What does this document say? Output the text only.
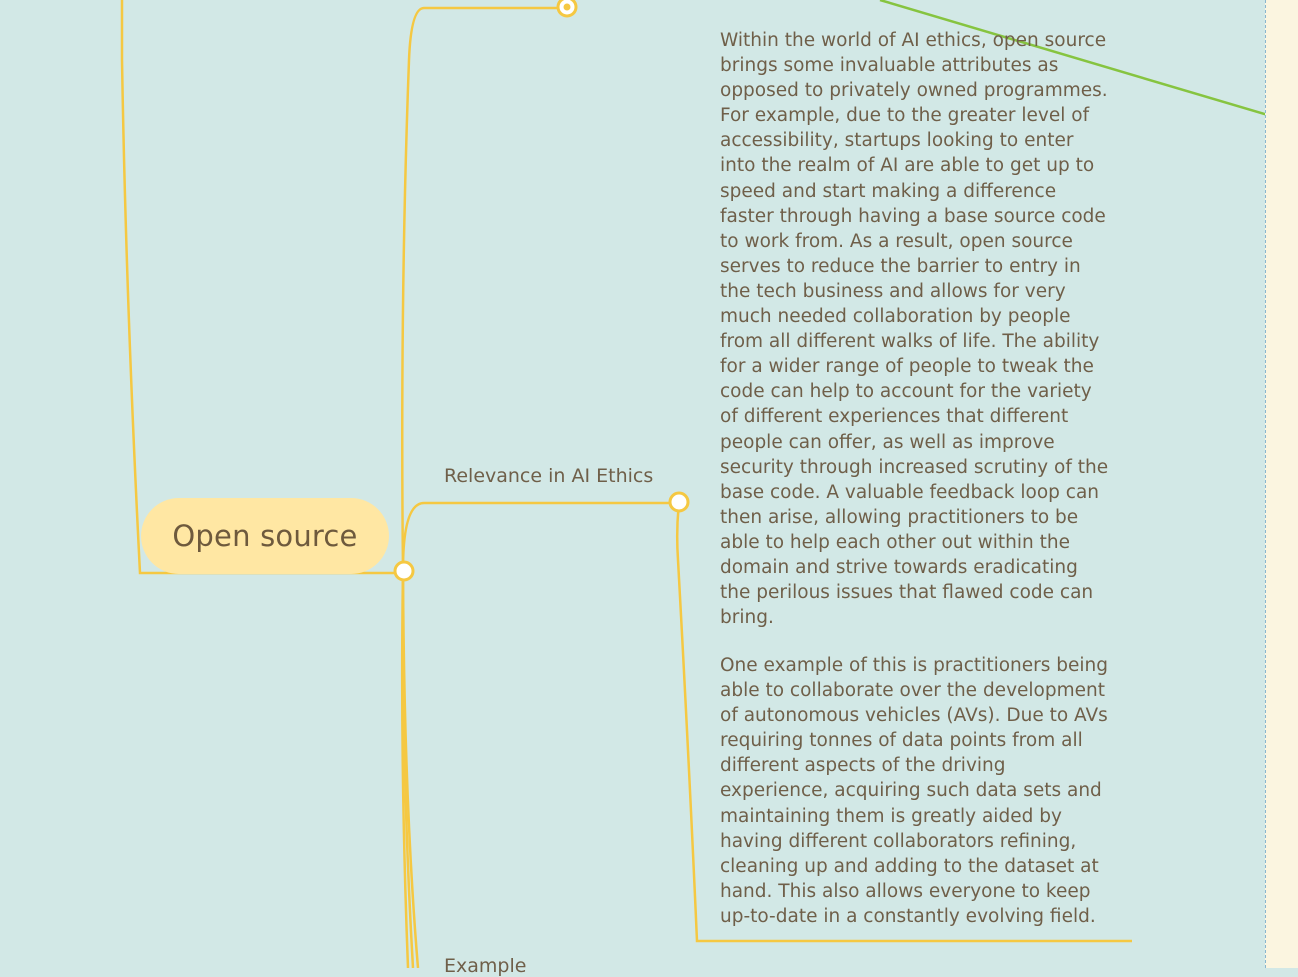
Open source
Relevance in AI Ethics

Within the world of AI ethics, open source brings some invaluable attributes as opposed to privately owned programmes. For example, due to the greater level of accessibility, startups looking to enter into the realm of AI are able to get up to speed and start making a difference faster through having a base source code to work from. As a result, open source serves to reduce the barrier to entry in the tech business and allows for very much needed collaboration by people from all different walks of life. The ability for a wider range of people to tweak the code can help to account for the variety of different experiences that different people can offer, as well as improve security through increased scrutiny of the base code. A valuable feedback loop can then arise, allowing practitioners to be able to help each other out within the domain and strive towards eradicating the perilous issues that flawed code can bring.

One example of this is practitioners being able to collaborate over the development of autonomous vehicles (AVs). Due to AVs requiring tonnes of data points from all different aspects of the driving experience, acquiring such data sets and maintaining them is greatly aided by having different collaborators refining, cleaning up and adding to the dataset at hand. This also allows everyone to keep up-to-date in a constantly evolving field.

Example
